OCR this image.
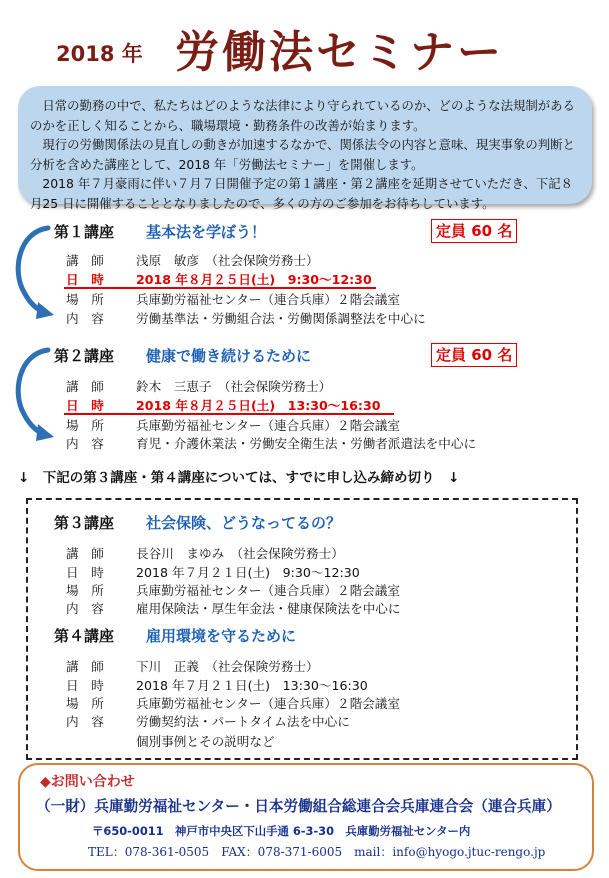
2018 年 労働法セミナー

日常の勤務の中で、私たちはどのような法律により守られているのか、どのような法規制があるのかを正しく知ることから、職場環境・勤務条件の改善が始まります。

現行の労働関係法の見直しの動きが加速するなかで、関係法令の内容と意味、現実事象の判断と分析を含めた講座として、2018 年「労働法セミナー」を開催します。

2018 年７月豪雨に伴い７月７日開催予定の第１講座・第２講座を延期させていただき、下記８月25 日に開催することとなりましたので、多くの方のご参加をお待ちしています。

第１講座 基本法を学ぼう！	定員 60 名
講　師	浅原　敏彦　（社会保険労務士）
日　時	2018 年８月２５日(土)　9:30～12:30
場　所	兵庫勤労福祉センター（連合兵庫）２階会議室
内　容	労働基準法・労働組合法・労働関係調整法を中心に
第２講座 健康で働き続けるために	定員 60 名
講　師	鈴木　三恵子　（社会保険労務士）
日　時	2018 年８月２５日(土)　13:30～16:30
場　所	兵庫勤労福祉センター（連合兵庫）２階会議室
内　容	育児・介護休業法・労働安全衛生法・労働者派遣法を中心に
↓　下記の第３講座・第４講座については、すでに申し込み締め切り　↓
第３講座 社会保険、どうなってるの？
講　師	長谷川　まゆみ　（社会保険労務士）
日　時	2018 年７月２１日(土)　9:30～12:30
場　所	兵庫勤労福祉センター（連合兵庫）２階会議室
内　容	雇用保険法・厚生年金法・健康保険法を中心に
第４講座 雇用環境を守るために
講　師	下川　正義　（社会保険労務士）
日　時	2018 年７月２１日(土)　13:30～16:30
場　所	兵庫勤労福祉センター（連合兵庫）２階会議室
内　容	労働契約法・パートタイム法を中心に
個別事例とその説明など
◆お問い合わせ
（一財）兵庫勤労福祉センター・日本労働組合総連合会兵庫連合会（連合兵庫）
〒650-0011　神戸市中央区下山手通 6-3-30　兵庫勤労福祉センター内
TEL：078-361-0505　FAX：078-371-6005　mail：info@hyogo.jtuc-rengo.jp
